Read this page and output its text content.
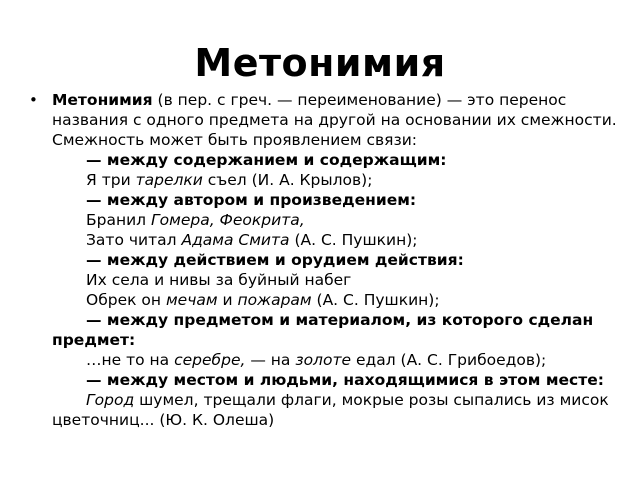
Метонимия
• Метонимия (в пер. с греч. — переименование) — это перенос названия с одного предмета на другой на основании их смежности. Смежность может быть проявлением связи:
— между содержанием и содержащим:
Я три тарелки съел (И. А. Крылов);
— между автором и произведением:
Бранил Гомера, Феокрита,
Зато читал Адама Смита (А. С. Пушкин);
— между действием и орудием действия:
Их села и нивы за буйный набег
Обрек он мечам и пожарам (А. С. Пушкин);
— между предметом и материалом, из которого сделан предмет:
…не то на серебре, — на золоте едал (А. С. Грибоедов);
— между местом и людьми, находящимися в этом месте:
Город шумел, трещали флаги, мокрые розы сыпались из мисок цветочниц... (Ю. К. Олеша)
